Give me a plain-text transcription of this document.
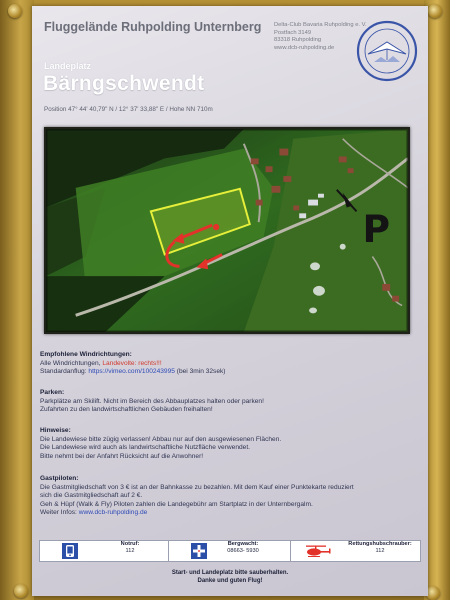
Fluggelände Ruhpolding Unternberg Delta-Club Bavaria Ruhpolding e. V.
Postfach 3149
83318 Ruhpolding
www.dcb-ruhpolding.de
Landeplatz
Bärngschwendt
Position 47° 44' 40,79" N / 12° 37' 33,88" E / Hohe NN 710m
P
Empfohlene Windrichtungen:
Alle Windrichtungen, Landevolte: rechts!!!
Standardanflug: https://vimeo.com/100243995 (bei 3min 32sek)
Parken:
Parkplätze am Skilift. Nicht im Bereich des Abbauplatzes halten oder parken!
Zufahrten zu den landwirtschaftlichen Gebäuden freihalten!
Hinweise:
Die Landewiese bitte zügig verlassen! Abbau nur auf den ausgewiesenen Flächen.
Die Landewiese wird auch als landwirtschaftliche Nutzfläche verwendet.
Bitte nehmt bei der Anfahrt Rücksicht auf die Anwohner!
Gastpiloten:
Die Gastmitgliedschaft von 3 € ist an der Bahnkasse zu bezahlen. Mit dem Kauf einer Punktekarte reduziert
sich die Gastmitgliedschaft auf 2 €.
Geh & Hüpf (Walk & Fly) Piloten zahlen die Landegebühr am Startplatz in der Unternbergalm.
Weiter Infos: www.dcb-ruhpolding.de
Notruf:
112
Bergwacht:
08663- 5930
Rettungshubschrauber:
112
Start- und Landeplatz bitte sauberhalten.
Danke und guten Flug!
